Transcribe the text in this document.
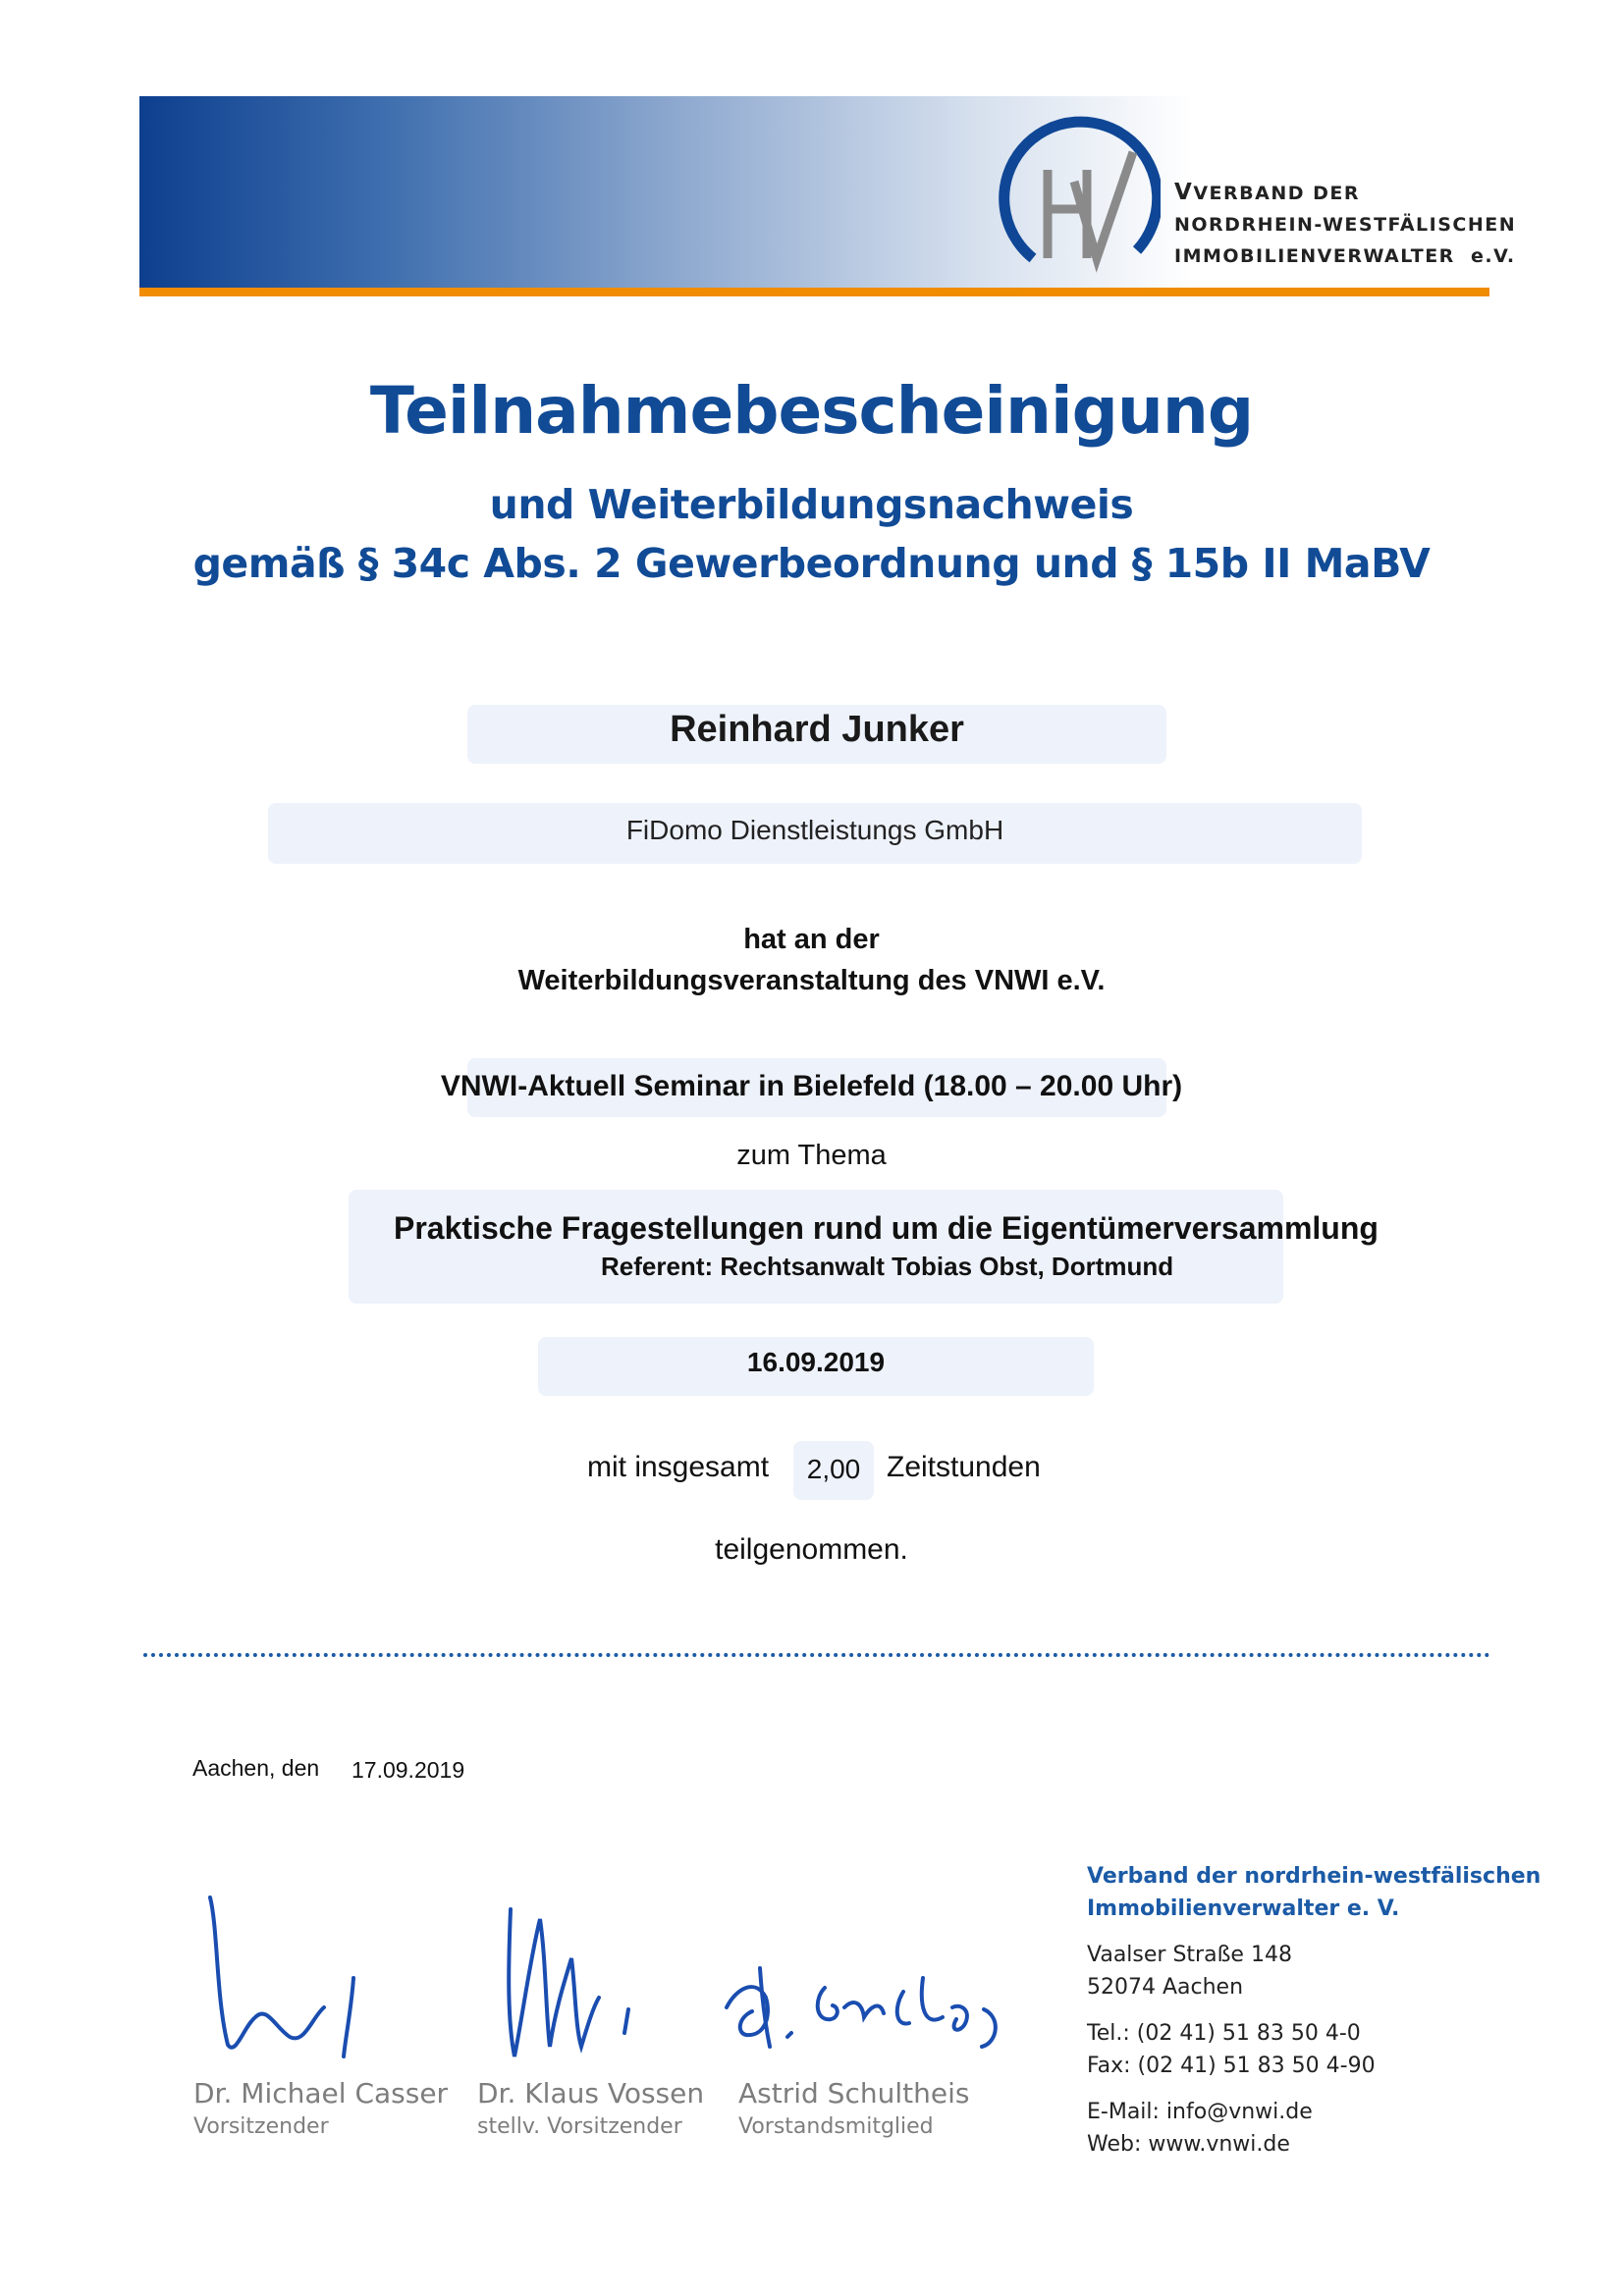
VVERBAND DER
NORDRHEIN-WESTFÄLISCHEN
IMMOBILIENVERWALTER e.V.
Teilnahmebescheinigung
und Weiterbildungsnachweis
gemäß § 34c Abs. 2 Gewerbeordnung und § 15b II MaBV
Reinhard Junker
FiDomo Dienstleistungs GmbH
hat an der
Weiterbildungsveranstaltung des VNWI e.V.
VNWI-Aktuell Seminar in Bielefeld (18.00 – 20.00 Uhr)
zum Thema
Praktische Fragestellungen rund um die Eigentümerversammlung
Referent: Rechtsanwalt Tobias Obst, Dortmund
16.09.2019
mit insgesamt	2,00 Zeitstunden
teilgenommen.
Aachen, den 17.09.2019
Dr. Michael Casser
Vorsitzender
Dr. Klaus Vossen
stellv. Vorsitzender
Astrid Schultheis
Vorstandsmitglied
Verband der nordrhein-westfälischen
Immobilienverwalter e. V.
Vaalser Straße 148
52074 Aachen
Tel.: (02 41) 51 83 50 4-0
Fax: (02 41) 51 83 50 4-90
E-Mail: info@vnwi.de
Web: www.vnwi.de
